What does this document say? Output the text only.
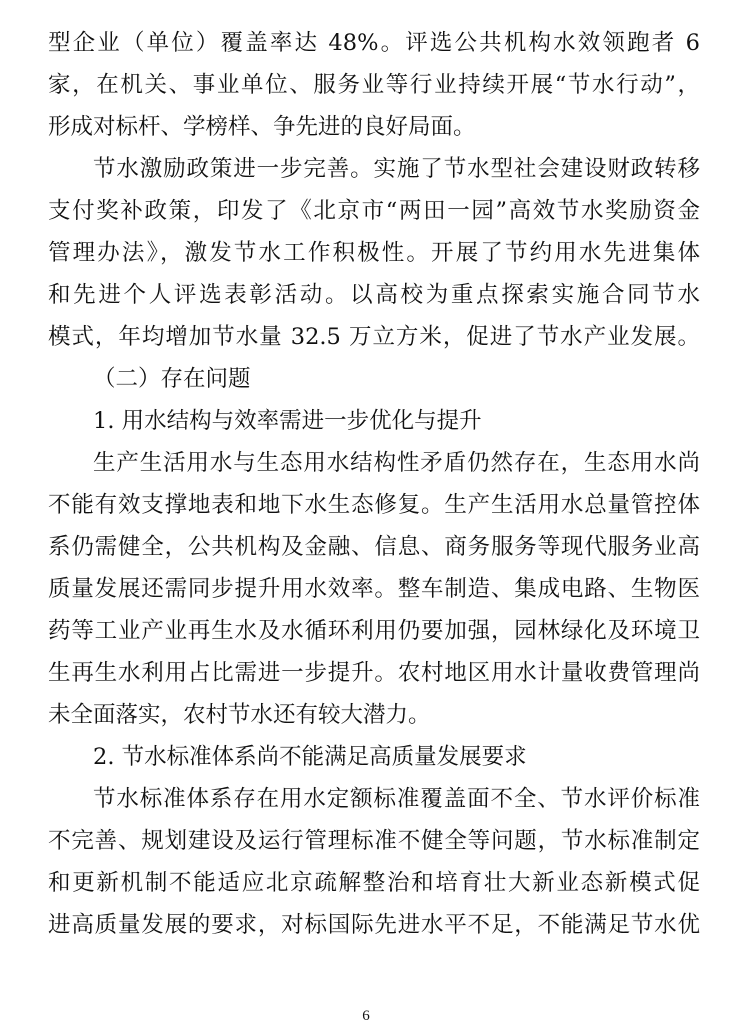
型企业（单位）覆盖率达 48%。评选公共机构水效领跑者 6
家，在机关、事业单位、服务业等行业持续开展“节水行动”，
形成对标杆、学榜样、争先进的良好局面。
节水激励政策进一步完善。实施了节水型社会建设财政转移
支付奖补政策，印发了《北京市“两田一园”高效节水奖励资金
管理办法》，激发节水工作积极性。开展了节约用水先进集体
和先进个人评选表彰活动。以高校为重点探索实施合同节水
模式，年均增加节水量 32.5 万立方米，促进了节水产业发展。
（二）存在问题
1. 用水结构与效率需进一步优化与提升
生产生活用水与生态用水结构性矛盾仍然存在，生态用水尚
不能有效支撑地表和地下水生态修复。生产生活用水总量管控体
系仍需健全，公共机构及金融、信息、商务服务等现代服务业高
质量发展还需同步提升用水效率。整车制造、集成电路、生物医
药等工业产业再生水及水循环利用仍要加强，园林绿化及环境卫
生再生水利用占比需进一步提升。农村地区用水计量收费管理尚
未全面落实，农村节水还有较大潜力。
2. 节水标准体系尚不能满足高质量发展要求
节水标准体系存在用水定额标准覆盖面不全、节水评价标准
不完善、规划建设及运行管理标准不健全等问题，节水标准制定
和更新机制不能适应北京疏解整治和培育壮大新业态新模式促
进高质量发展的要求，对标国际先进水平不足，不能满足节水优
6
